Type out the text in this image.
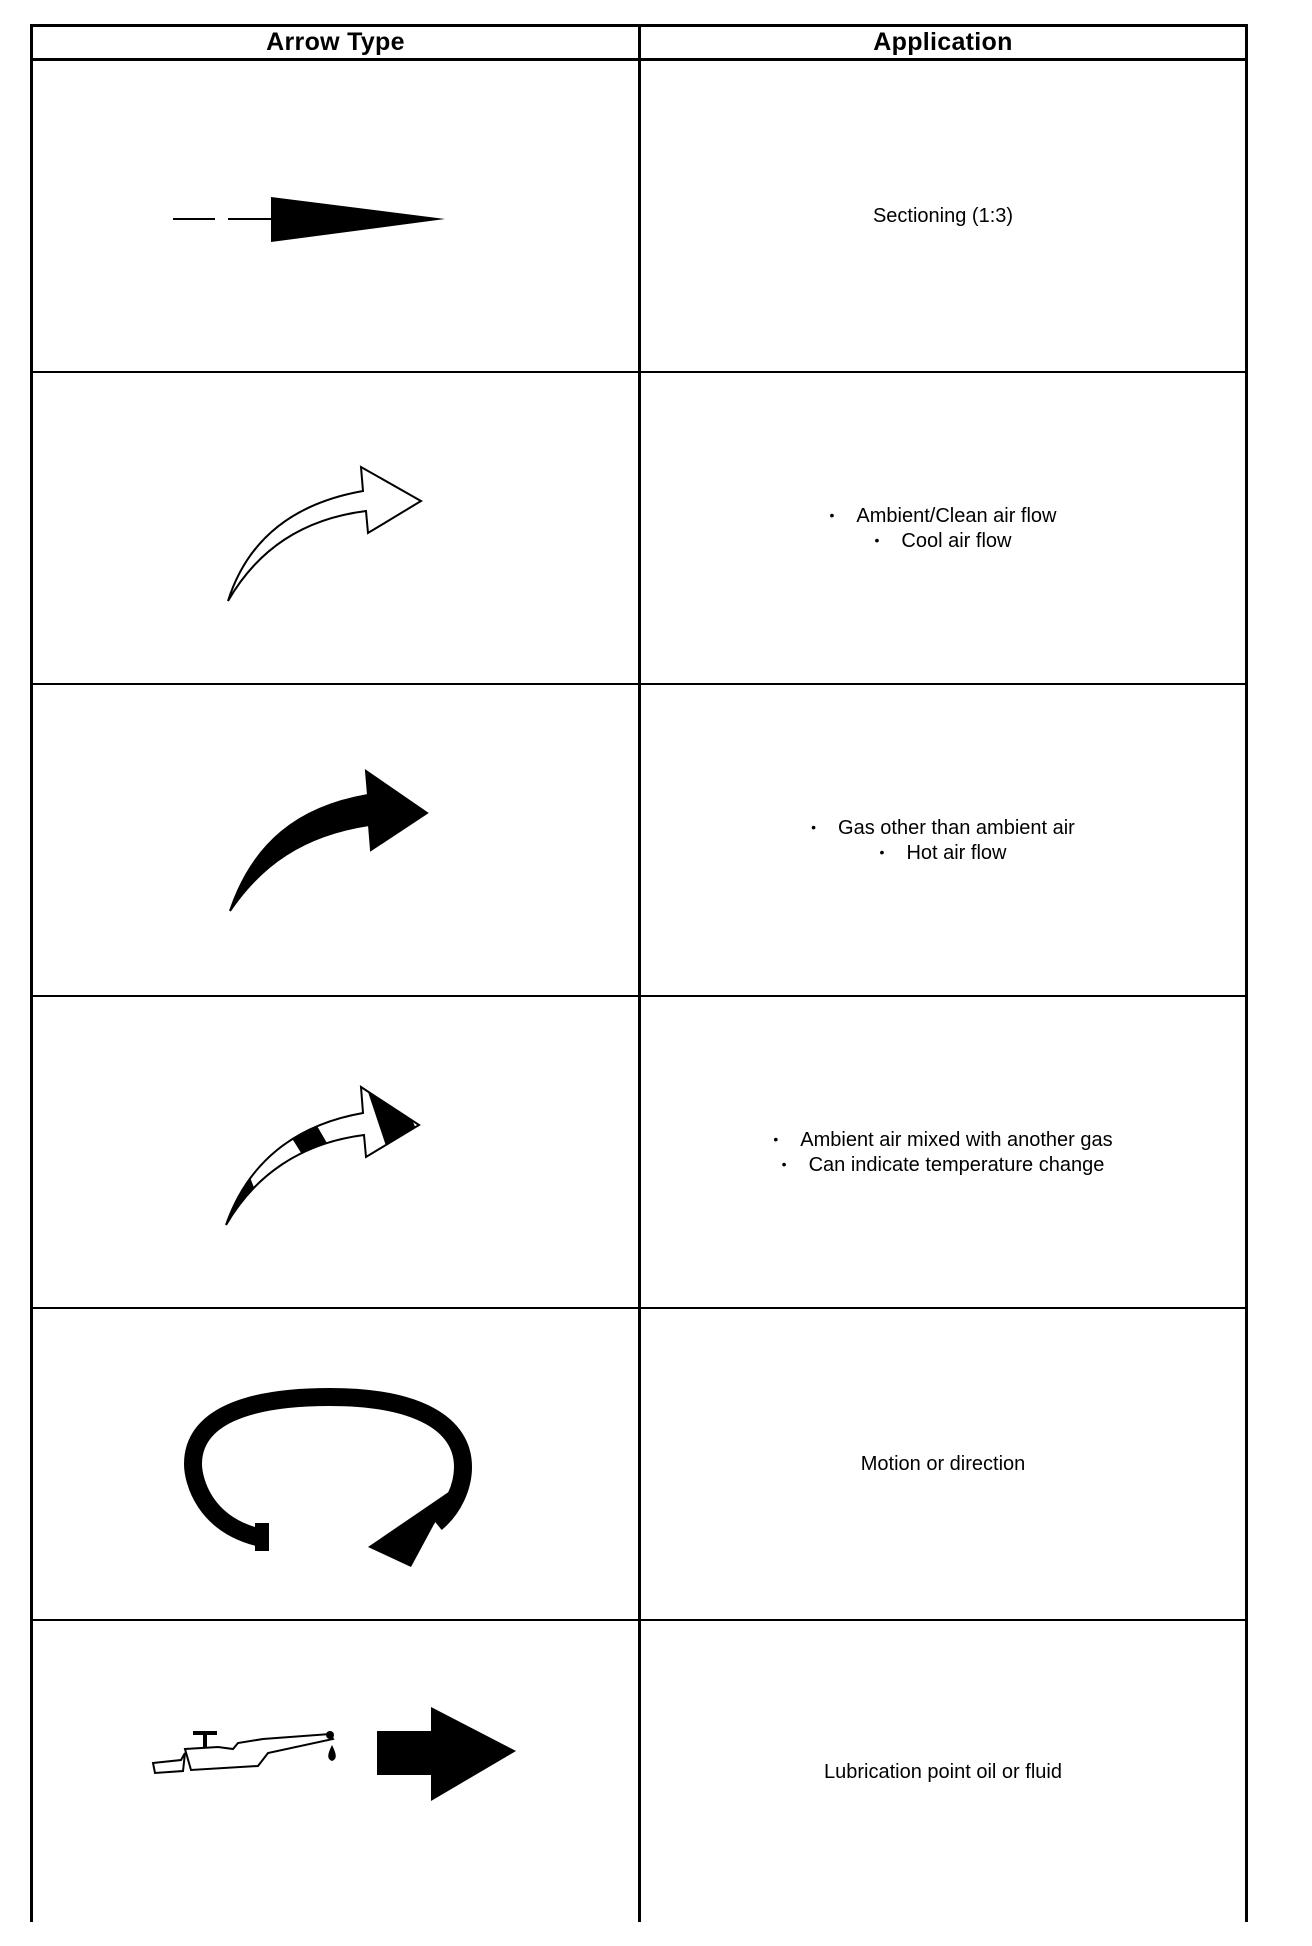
Arrow Type	Application
Sectioning (1:3)
• Ambient/Clean air flow
• Cool air flow
• Gas other than ambient air
• Hot air flow
• Ambient air mixed with another gas
• Can indicate temperature change
Motion or direction
Lubrication point oil or fluid
